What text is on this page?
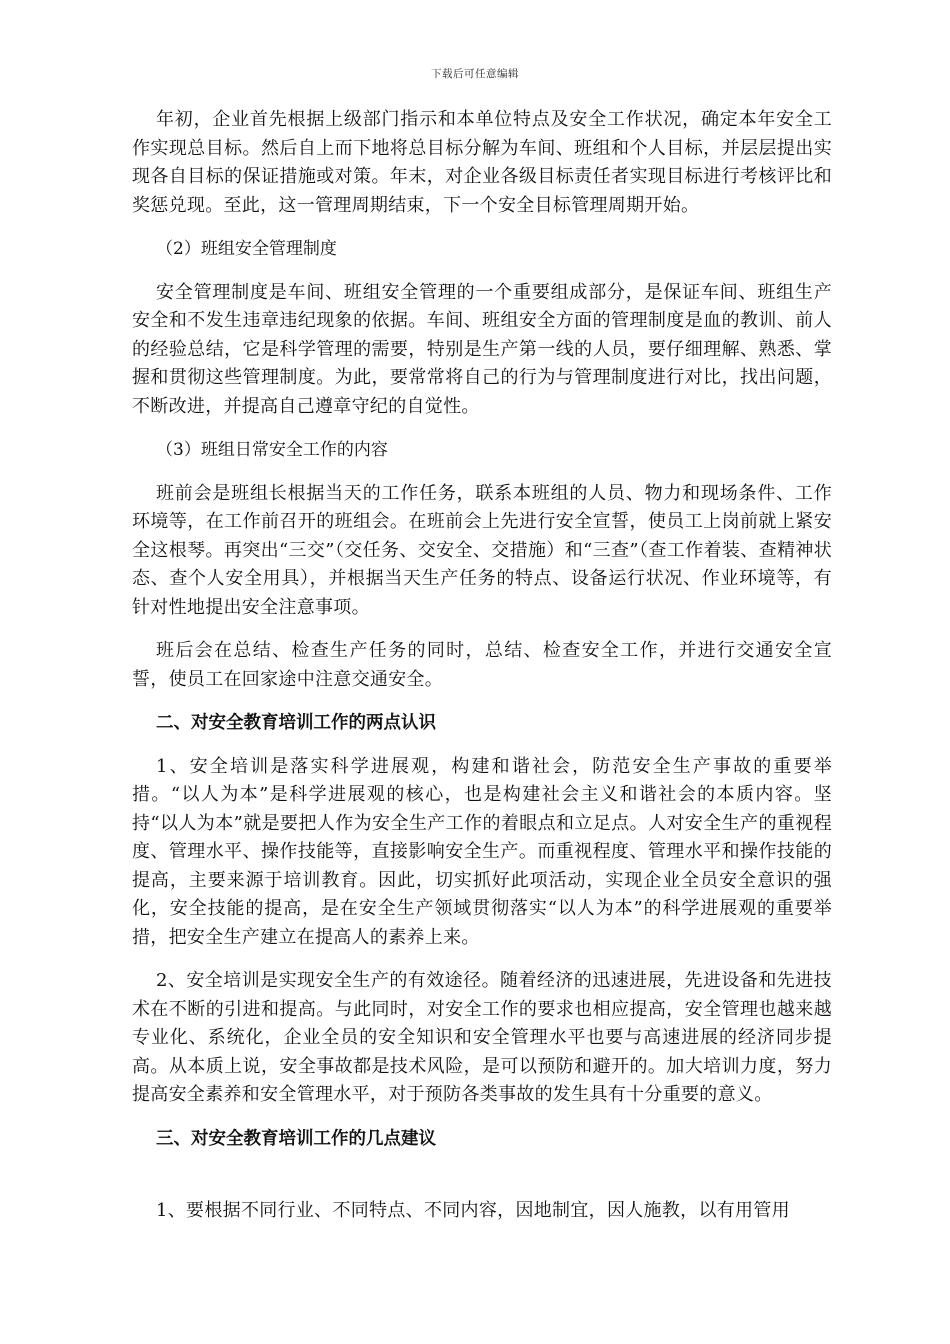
下载后可任意编辑

年初，企业首先根据上级部门指示和本单位特点及安全工作状况，确定本年安全工作实现总目标。然后自上而下地将总目标分解为车间、班组和个人目标，并层层提出实现各自目标的保证措施或对策。年末，对企业各级目标责任者实现目标进行考核评比和奖惩兑现。至此，这一管理周期结束，下一个安全目标管理周期开始。

（2）班组安全管理制度

安全管理制度是车间、班组安全管理的一个重要组成部分，是保证车间、班组生产安全和不发生违章违纪现象的依据。车间、班组安全方面的管理制度是血的教训、前人的经验总结，它是科学管理的需要，特别是生产第一线的人员，要仔细理解、熟悉、掌握和贯彻这些管理制度。为此，要常常将自己的行为与管理制度进行对比，找出问题，不断改进，并提高自己遵章守纪的自觉性。

（3）班组日常安全工作的内容

班前会是班组长根据当天的工作任务，联系本班组的人员、物力和现场条件、工作环境等，在工作前召开的班组会。在班前会上先进行安全宣誓，使员工上岗前就上紧安全这根琴。再突出“三交”（交任务、交安全、交措施）和“三查”（查工作着装、查精神状态、查个人安全用具），并根据当天生产任务的特点、设备运行状况、作业环境等，有针对性地提出安全注意事项。

班后会在总结、检查生产任务的同时，总结、检查安全工作，并进行交通安全宣誓，使员工在回家途中注意交通安全。

二、对安全教育培训工作的两点认识

1、安全培训是落实科学进展观，构建和谐社会，防范安全生产事故的重要举措。“以人为本”是科学进展观的核心，也是构建社会主义和谐社会的本质内容。坚持“以人为本”就是要把人作为安全生产工作的着眼点和立足点。人对安全生产的重视程度、管理水平、操作技能等，直接影响安全生产。而重视程度、管理水平和操作技能的提高，主要来源于培训教育。因此，切实抓好此项活动，实现企业全员安全意识的强化，安全技能的提高，是在安全生产领域贯彻落实“以人为本”的科学进展观的重要举措，把安全生产建立在提高人的素养上来。

2、安全培训是实现安全生产的有效途径。随着经济的迅速进展，先进设备和先进技术在不断的引进和提高。与此同时，对安全工作的要求也相应提高，安全管理也越来越专业化、系统化，企业全员的安全知识和安全管理水平也要与高速进展的经济同步提高。从本质上说，安全事故都是技术风险，是可以预防和避开的。加大培训力度，努力提高安全素养和安全管理水平，对于预防各类事故的发生具有十分重要的意义。

三、对安全教育培训工作的几点建议

1、要根据不同行业、不同特点、不同内容，因地制宜，因人施教，以有用管用
